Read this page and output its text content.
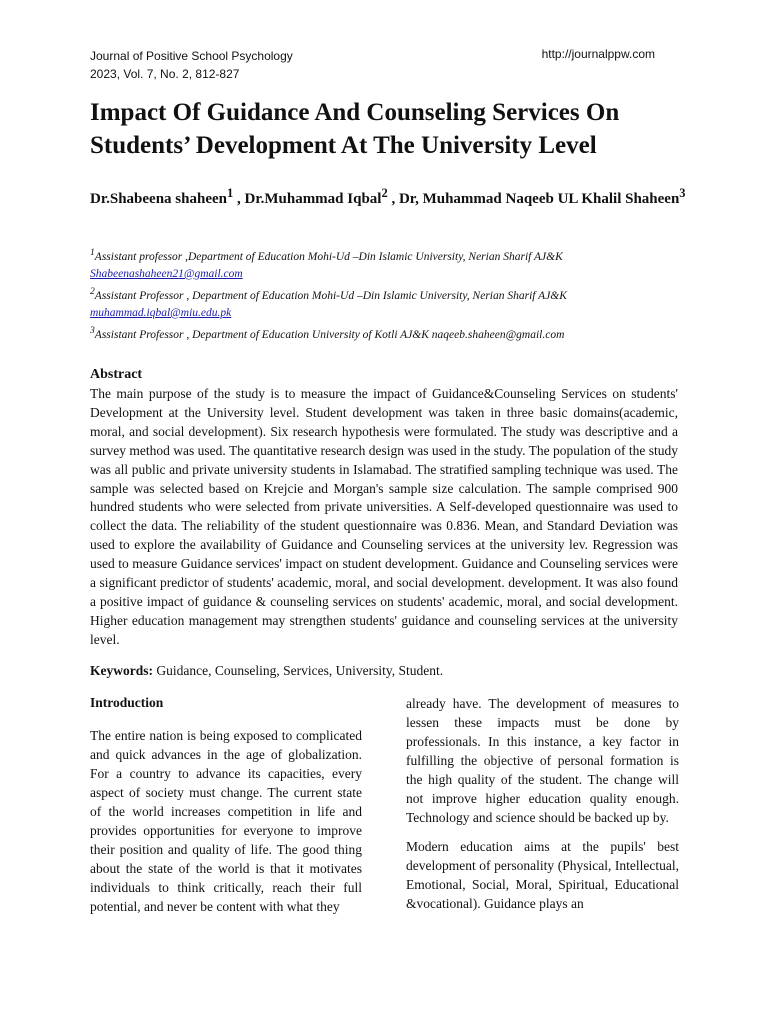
Journal of Positive School Psychology
2023, Vol. 7, No. 2, 812-827
http://journalppw.com
Impact Of Guidance And Counseling Services On Students’ Development At The University Level

Dr.Shabeena shaheen$^1$ , Dr.Muhammad Iqbal$^2$ , Dr, Muhammad Naqeeb UL Khalil Shaheen$^3$

$^1$Assistant professor ,Department of Education Mohi-Ud –Din Islamic University, Nerian Sharif AJ&K
Shabeenashaheen21@gmail.com
$^2$Assistant Professor , Department of Education Mohi-Ud –Din Islamic University, Nerian Sharif AJ&K
muhammad.iqbal@miu.edu.pk
$^3$Assistant Professor , Department of Education University of Kotli AJ&K naqeeb.shaheen@gmail.com
Abstract

The main purpose of the study is to measure the impact of Guidance&Counseling Services on students' Development at the University level. Student development was taken in three basic domains(academic, moral, and social development). Six research hypothesis were formulated. The study was descriptive and a survey method was used. The quantitative research design was used in the study. The population of the study was all public and private university students in Islamabad. The stratified sampling technique was used. The sample was selected based on Krejcie and Morgan's sample size calculation. The sample comprised 900 hundred students who were selected from private universities. A Self-developed questionnaire was used to collect the data. The reliability of the student questionnaire was 0.836. Mean, and Standard Deviation was used to explore the availability of Guidance and Counseling services at the university lev. Regression was used to measure Guidance services' impact on student development. Guidance and Counseling services were a significant predictor of students' academic, moral, and social development. development. It was also found a positive impact of guidance & counseling services on students' academic, moral, and social development. Higher education management may strengthen students' guidance and counseling services at the university level.

Keywords: Guidance, Counseling, Services, University, Student.
Introduction

The entire nation is being exposed to complicated and quick advances in the age of globalization. For a country to advance its capacities, every aspect of society must change. The current state of the world increases competition in life and provides opportunities for everyone to improve their position and quality of life. The good thing about the state of the world is that it motivates individuals to think critically, reach their full potential, and never be content with what they

already have. The development of measures to lessen these impacts must be done by professionals. In this instance, a key factor in fulfilling the objective of personal formation is the high quality of the student. The change will not improve higher education quality enough. Technology and science should be backed up by.

Modern education aims at the pupils' best development of personality (Physical, Intellectual, Emotional, Social, Moral, Spiritual, Educational &vocational). Guidance plays an
